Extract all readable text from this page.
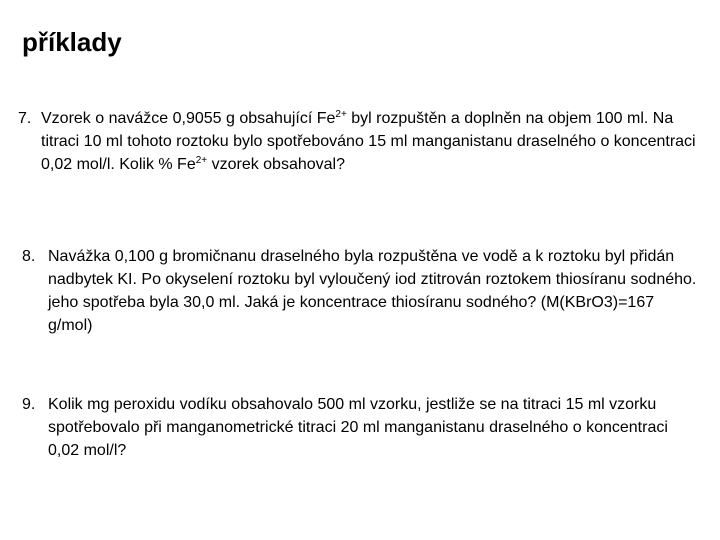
příklady
7. Vzorek o navážce 0,9055 g obsahující $Fe^{2+}$ byl rozpuštěn a doplněn na objem 100 ml. Na titraci 10 ml tohoto roztoku bylo spotřebováno 15 ml manganistanu draselného o koncentraci 0,02 mol/l. Kolik % $Fe^{2+}$ vzorek obsahoval?
8. Navážka 0,100 g bromičnanu draselného byla rozpuštěna ve vodě a k roztoku byl přidán nadbytek KI. Po okyselení roztoku byl vyloučený iod ztitrován roztokem thiosíranu sodného. jeho spotřeba byla 30,0 ml. Jaká je koncentrace thiosíranu sodného? (M(KBrO3)=167 g/mol)
9. Kolik mg peroxidu vodíku obsahovalo 500 ml vzorku, jestliže se na titraci 15 ml vzorku spotřebovalo při manganometrické titraci 20 ml manganistanu draselného o koncentraci 0,02 mol/l?
